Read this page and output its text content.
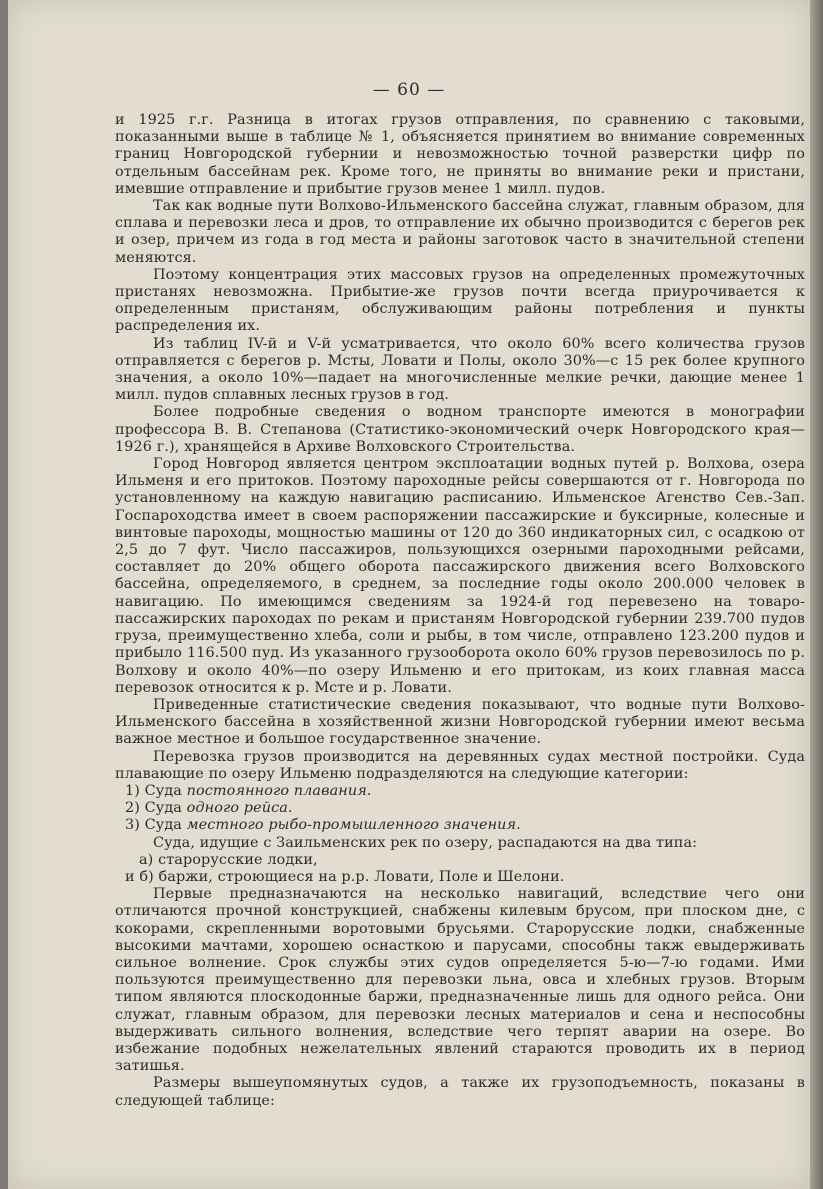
— 60 —

и 1925 г.г. Разница в итогах грузов отправления, по сравнению с таковыми, показанными выше в таблице № 1, объясняется принятием во внимание современных границ Новгородской губернии и невозможностью точной разверстки цифр по отдельным бассейнам рек. Кроме того, не приняты во внимание реки и пристани, имевшие отправление и прибытие грузов менее 1 милл. пудов.

Так как водные пути Волхово-Ильменского бассейна служат, главным образом, для сплава и перевозки леса и дров, то отправление их обычно производится с берегов рек и озер, причем из года в год места и районы заготовок часто в значительной степени меняются.

Поэтому концентрация этих массовых грузов на определенных промежуточных пристанях невозможна. Прибытие-же грузов почти всегда приурочивается к определенным пристаням, обслуживающим районы потребления и пункты распределения их.

Из таблиц IV-й и V-й усматривается, что около 60% всего количества грузов отправляется с берегов р. Мсты, Ловати и Полы, около 30%—с 15 рек более крупного значения, а около 10%—падает на многочисленные мелкие речки, дающие менее 1 милл. пудов сплавных лесных грузов в год.

Более подробные сведения о водном транспорте имеются в монографии профессора В. В. Степанова (Статистико-экономический очерк Новгородского края—1926 г.), хранящейся в Архиве Волховского Строительства.

Город Новгород является центром эксплоатации водных путей р. Волхова, озера Ильменя и его притоков. Поэтому пароходные рейсы совершаются от г. Новгорода по установленному на каждую навигацию расписанию. Ильменское Агенство Сев.-Зап. Госпароходства имеет в своем распоряжении пассажирские и буксирные, колесные и винтовые пароходы, мощностью машины от 120 до 360 индикаторных сил, с осадкою от 2,5 до 7 фут. Число пассажиров, пользующихся озерными пароходными рейсами, составляет до 20% общего оборота пассажирского движения всего Волховского бассейна, определяемого, в среднем, за последние годы около 200.000 человек в навигацию. По имеющимся сведениям за 1924-й год перевезено на товаро-пассажирских пароходах по рекам и пристаням Новгородской губернии 239.700 пудов груза, преимущественно хлеба, соли и рыбы, в том числе, отправлено 123.200 пудов и прибыло 116.500 пуд. Из указанного грузооборота около 60% грузов перевозилось по р. Волхову и около 40%—по озеру Ильменю и его притокам, из коих главная масса перевозок относится к р. Мсте и р. Ловати.

Приведенные статистические сведения показывают, что водные пути Волхово-Ильменского бассейна в хозяйственной жизни Новгородской губернии имеют весьма важное местное и большое государственное значение.

Перевозка грузов производится на деревянных судах местной постройки. Суда плавающие по озеру Ильменю подразделяются на следующие категории:

1) Суда постоянного плавания.

2) Суда одного рейса.

3) Суда местного рыбо-промышленного значения.

Суда, идущие с Заильменских рек по озеру, распадаются на два типа:

а) старорусские лодки,

и б) баржи, строющиеся на р.р. Ловати, Поле и Шелони.

Первые предназначаются на несколько навигаций, вследствие чего они отличаются прочной конструкцией, снабжены килевым брусом, при плоском дне, с кокорами, скрепленными воротовыми брусьями. Старорусские лодки, снабженные высокими мачтами, хорошею оснасткою и парусами, способны такж евыдерживать сильное волнение. Срок службы этих судов определяется 5-ю—7-ю годами. Ими пользуются преимущественно для перевозки льна, овса и хлебных грузов. Вторым типом являются плоскодонные баржи, предназначенные лишь для одного рейса. Они служат, главным образом, для перевозки лесных материалов и сена и неспособны выдерживать сильного волнения, вследствие чего терпят аварии на озере. Во избежание подобных нежелательных явлений стараются проводить их в период затишья.

Размеры вышеупомянутых судов, а также их грузоподъемность, показаны в следующей таблице:
